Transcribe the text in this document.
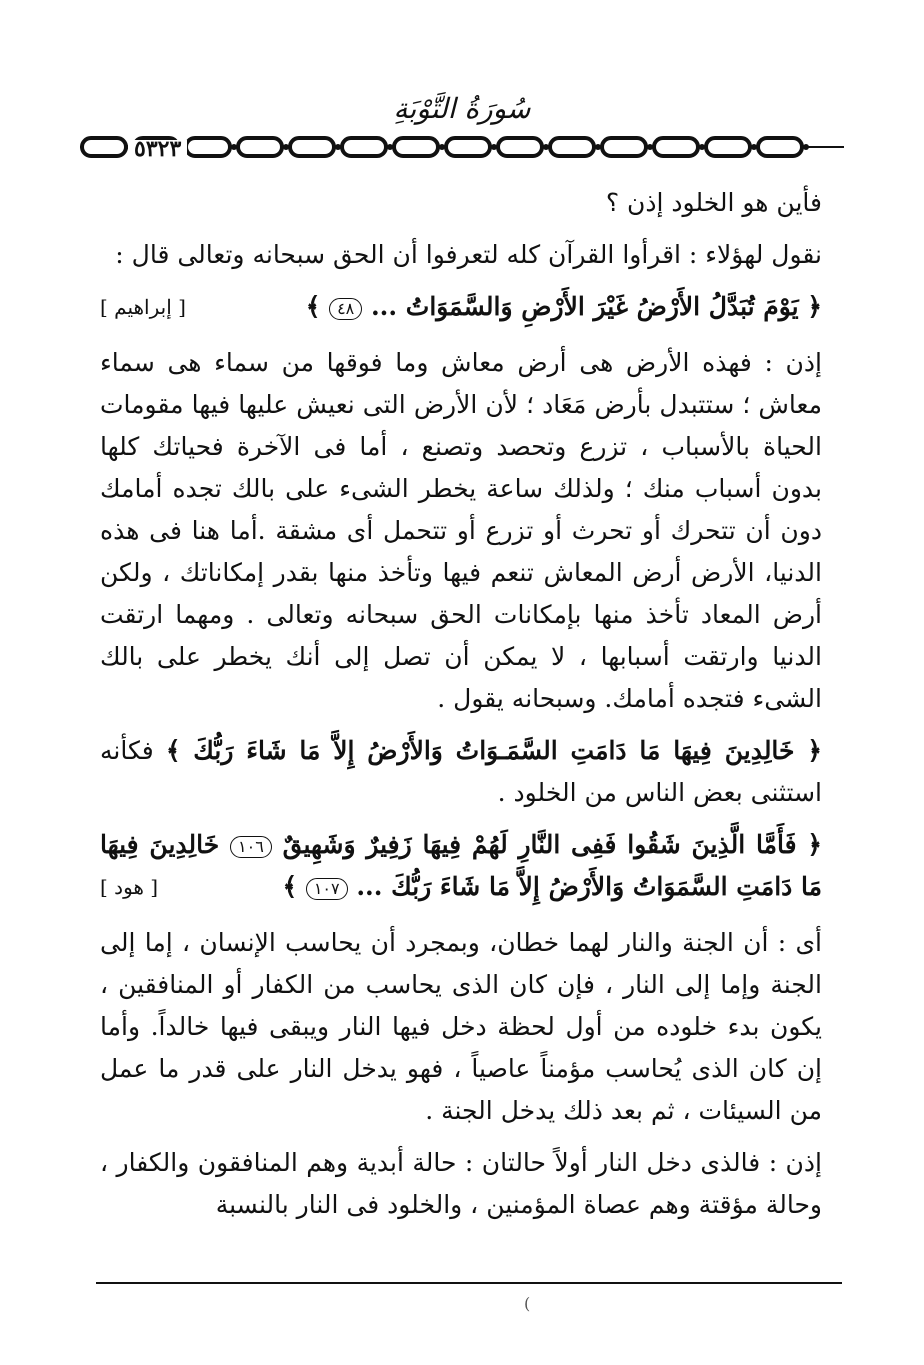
سُورَةُ التَّوْبَةِ
٥٣٢٣

فأين هو الخلود إذن ؟

نقول لهؤلاء : اقرأوا القرآن كله لتعرفوا أن الحق سبحانه وتعالى قال :

﴿ يَوْمَ تُبَدَّلُ الأَرْضُ غَيْرَ الأَرْضِ وَالسَّمَوَاتُ ... ٤٨ ﴾
[ إبراهيم ]

إذن : فهذه الأرض هى أرض معاش وما فوقها من سماء هى سماء معاش ؛ ستتبدل بأرض مَعَاد ؛ لأن الأرض التى نعيش عليها فيها مقومات الحياة بالأسباب ، تزرع وتحصد وتصنع ، أما فى الآخرة فحياتك كلها بدون أسباب منك ؛ ولذلك ساعة يخطر الشىء على بالك تجده أمامك دون أن تتحرك أو تحرث أو تزرع أو تتحمل أى مشقة .أما هنا فى هذه الدنيا، الأرض أرض المعاش تنعم فيها وتأخذ منها بقدر إمكاناتك ، ولكن أرض المعاد تأخذ منها بإمكانات الحق سبحانه وتعالى . ومهما ارتقت الدنيا وارتقت أسبابها ، لا يمكن أن تصل إلى أنك يخطر على بالك الشىء فتجده أمامك. وسبحانه يقول .

﴿ خَالِدِينَ فِيهَا مَا دَامَتِ السَّمَـوَاتُ وَالأَرْضُ إِلاَّ مَا شَاءَ رَبُّكَ ﴾ فكأنه استثنى بعض الناس من الخلود .

﴿ فَأَمَّا الَّذِينَ شَقُوا فَفِى النَّارِ لَهُمْ فِيهَا زَفِيرٌ وَشَهِيقٌ ١٠٦ خَالِدِينَ فِيهَا مَا دَامَتِ السَّمَوَاتُ وَالأَرْضُ إِلاَّ مَا شَاءَ رَبُّكَ ... ١٠٧ ﴾
[ هود ]

أى : أن الجنة والنار لهما خطان، وبمجرد أن يحاسب الإنسان ، إما إلى الجنة وإما إلى النار ، فإن كان الذى يحاسب من الكفار أو المنافقين ، يكون بدء خلوده من أول لحظة دخل فيها النار ويبقى فيها خالداً. وأما إن كان الذى يُحاسب مؤمناً عاصياً ، فهو يدخل النار على قدر ما عمل من السيئات ، ثم بعد ذلك يدخل الجنة .

إذن : فالذى دخل النار أولاً حالتان : حالة أبدية وهم المنافقون والكفار ، وحالة مؤقتة وهم عصاة المؤمنين ، والخلود فى النار بالنسبة

(
